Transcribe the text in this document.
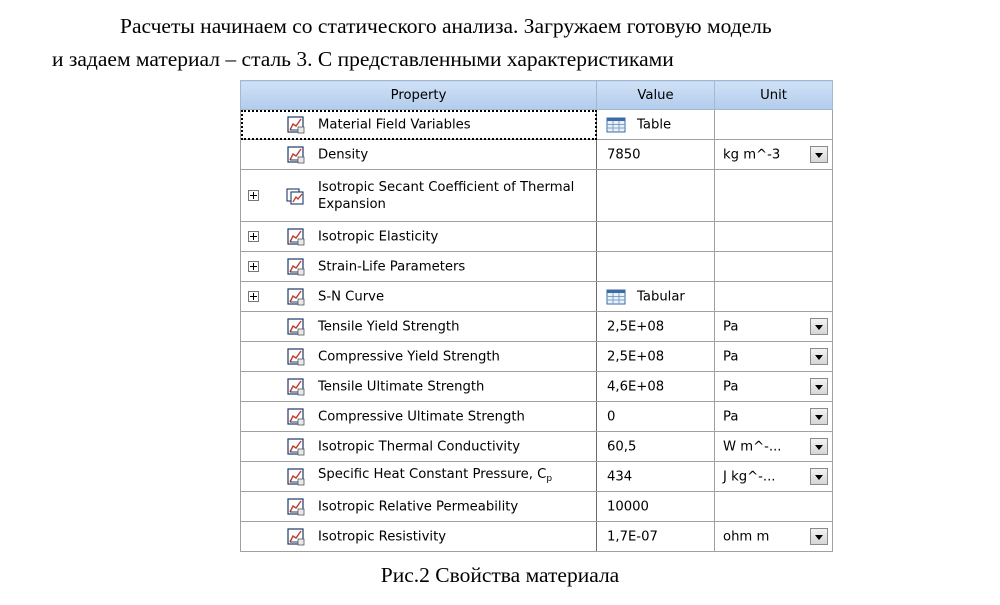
Расчеты начинаем со статического анализа. Загружаем готовую модель
и задаем материал – сталь 3. С представленными характеристиками
Property	Value	Unit

Material Field Variables	Table	

Density	7850	kg m^-3

Isotropic Secant Coefficient of Thermal Expansion		

Isotropic Elasticity		

Strain-Life Parameters		

S-N Curve	Tabular	

Tensile Yield Strength	2,5E+08	Pa

Compressive Yield Strength	2,5E+08	Pa

Tensile Ultimate Strength	4,6E+08	Pa

Compressive Ultimate Strength	0	Pa

Isotropic Thermal Conductivity	60,5	W m^-...

Specific Heat Constant Pressure, $C_p$	434	J kg^-...

Isotropic Relative Permeability	10000	

Isotropic Resistivity	1,7E-07	ohm m
Рис.2 Свойства материала
